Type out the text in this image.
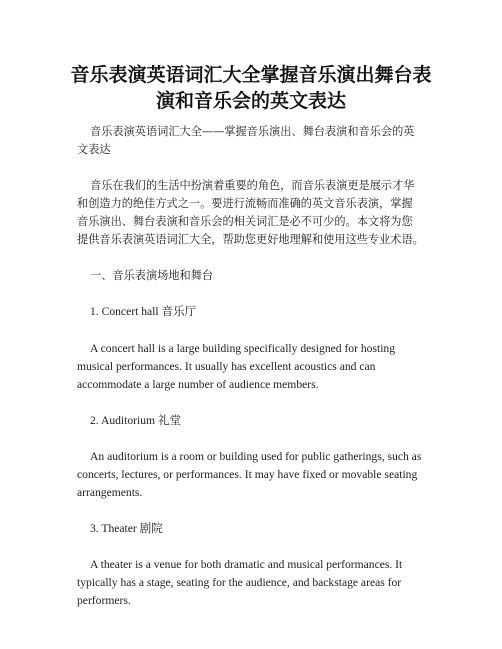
音乐表演英语词汇大全掌握音乐演出舞台表
演和音乐会的英文表达
音乐表演英语词汇大全——掌握音乐演出、舞台表演和音乐会的英
文表达
音乐在我们的生活中扮演着重要的角色，而音乐表演更是展示才华
和创造力的绝佳方式之一。要进行流畅而准确的英文音乐表演，掌握
音乐演出、舞台表演和音乐会的相关词汇是必不可少的。本文将为您
提供音乐表演英语词汇大全，帮助您更好地理解和使用这些专业术语。
一、音乐表演场地和舞台
1. Concert hall 音乐厅
A concert hall is a large building specifically designed for hosting
musical performances. It usually has excellent acoustics and can
accommodate a large number of audience members.
2. Auditorium 礼堂
An auditorium is a room or building used for public gatherings, such as
concerts, lectures, or performances. It may have fixed or movable seating
arrangements.
3. Theater 剧院
A theater is a venue for both dramatic and musical performances. It
typically has a stage, seating for the audience, and backstage areas for
performers.
